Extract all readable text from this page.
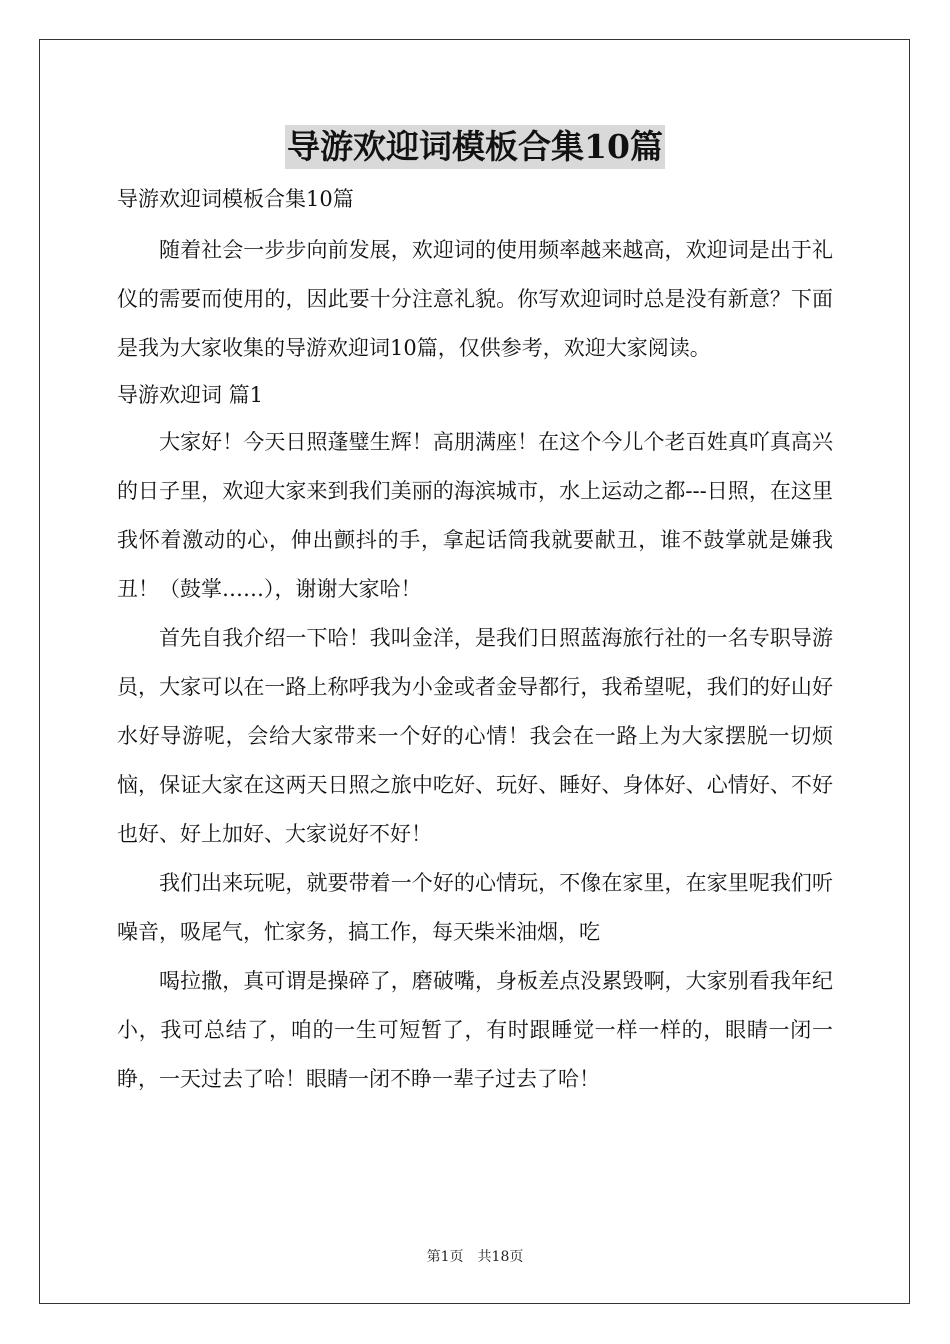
导游欢迎词模板合集10篇

导游欢迎词模板合集10篇

随着社会一步步向前发展，欢迎词的使用频率越来越高，欢迎词是出于礼仪的需要而使用的，因此要十分注意礼貌。你写欢迎词时总是没有新意？下面是我为大家收集的导游欢迎词10篇，仅供参考，欢迎大家阅读。

导游欢迎词 篇1

大家好！今天日照蓬璧生辉！高朋满座！在这个今儿个老百姓真吖真高兴的日子里，欢迎大家来到我们美丽的海滨城市，水上运动之都---日照，在这里我怀着激动的心，伸出颤抖的手，拿起话筒我就要献丑，谁不鼓掌就是嫌我丑！（鼓掌……），谢谢大家哈！

首先自我介绍一下哈！我叫金洋，是我们日照蓝海旅行社的一名专职导游员，大家可以在一路上称呼我为小金或者金导都行，我希望呢，我们的好山好水好导游呢，会给大家带来一个好的心情！我会在一路上为大家摆脱一切烦恼，保证大家在这两天日照之旅中吃好、玩好、睡好、身体好、心情好、不好也好、好上加好、大家说好不好！

我们出来玩呢，就要带着一个好的心情玩，不像在家里，在家里呢我们听噪音，吸尾气，忙家务，搞工作，每天柴米油烟，吃

喝拉撒，真可谓是操碎了，磨破嘴，身板差点没累毁啊，大家别看我年纪小，我可总结了，咱的一生可短暂了，有时跟睡觉一样一样的，眼睛一闭一睁，一天过去了哈！眼睛一闭不睁一辈子过去了哈！

第1页 共18页
